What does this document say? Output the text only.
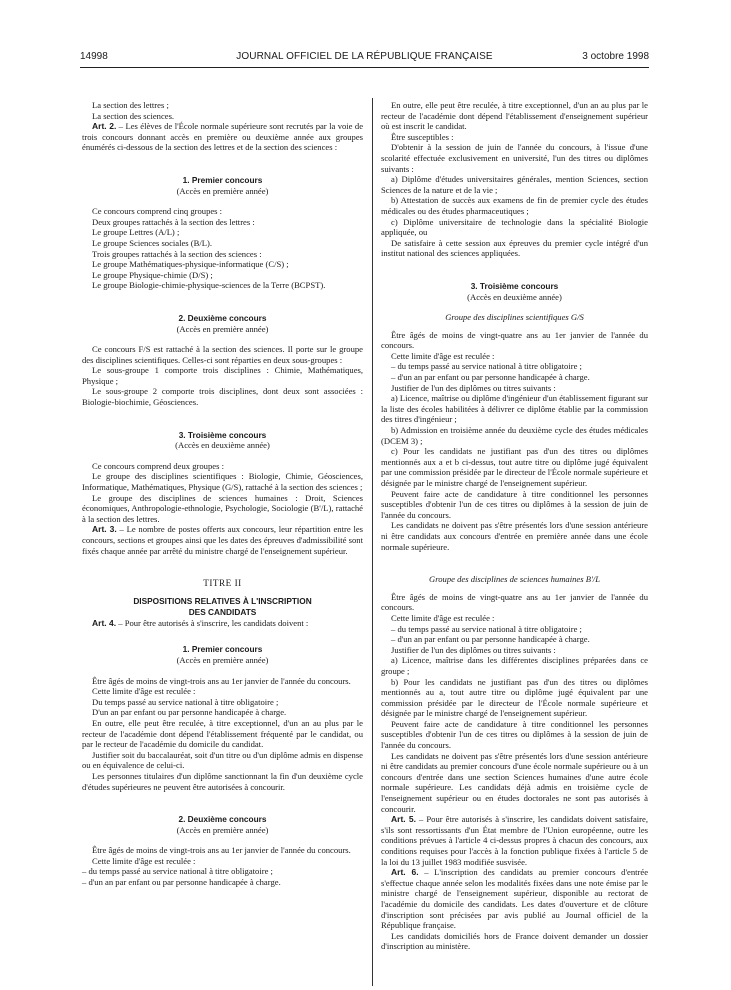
14998	JOURNAL OFFICIEL DE LA RÉPUBLIQUE FRANÇAISE	3 octobre 1998

La section des lettres ;

La section des sciences.

Art. 2. – Les élèves de l'École normale supérieure sont recrutés par la voie de trois concours donnant accès en première ou deuxième année aux groupes énumérés ci-dessous de la section des lettres et de la section des sciences :

1. Premier concours

(Accès en première année)

Ce concours comprend cinq groupes :

Deux groupes rattachés à la section des lettres :

Le groupe Lettres (A/L) ;

Le groupe Sciences sociales (B/L).

Trois groupes rattachés à la section des sciences :

Le groupe Mathématiques-physique-informatique (C/S) ;

Le groupe Physique-chimie (D/S) ;

Le groupe Biologie-chimie-physique-sciences de la Terre (BCPST).

2. Deuxième concours

(Accès en première année)

Ce concours F/S est rattaché à la section des sciences. Il porte sur le groupe des disciplines scientifiques. Celles-ci sont réparties en deux sous-groupes :

Le sous-groupe 1 comporte trois disciplines : Chimie, Mathématiques, Physique ;

Le sous-groupe 2 comporte trois disciplines, dont deux sont associées : Biologie-biochimie, Géosciences.

3. Troisième concours

(Accès en deuxième année)

Ce concours comprend deux groupes :

Le groupe des disciplines scientifiques : Biologie, Chimie, Géosciences, Informatique, Mathématiques, Physique (G/S), rattaché à la section des sciences ;

Le groupe des disciplines de sciences humaines : Droit, Sciences économiques, Anthropologie-ethnologie, Psychologie, Sociologie (B'/L), rattaché à la section des lettres.

Art. 3. – Le nombre de postes offerts aux concours, leur répartition entre les concours, sections et groupes ainsi que les dates des épreuves d'admissibilité sont fixés chaque année par arrêté du ministre chargé de l'enseignement supérieur.

TITRE II

DISPOSITIONS RELATIVES À L'INSCRIPTION

DES CANDIDATS

Art. 4. – Pour être autorisés à s'inscrire, les candidats doivent :

1. Premier concours

(Accès en première année)

Être âgés de moins de vingt-trois ans au 1er janvier de l'année du concours.

Cette limite d'âge est reculée :

Du temps passé au service national à titre obligatoire ;

D'un an par enfant ou par personne handicapée à charge.

En outre, elle peut être reculée, à titre exceptionnel, d'un an au plus par le recteur de l'académie dont dépend l'établissement fréquenté par le candidat, ou par le recteur de l'académie du domicile du candidat.

Justifier soit du baccalauréat, soit d'un titre ou d'un diplôme admis en dispense ou en équivalence de celui-ci.

Les personnes titulaires d'un diplôme sanctionnant la fin d'un deuxième cycle d'études supérieures ne peuvent être autorisées à concourir.

2. Deuxième concours

(Accès en première année)

Être âgés de moins de vingt-trois ans au 1er janvier de l'année du concours.

Cette limite d'âge est reculée :

– du temps passé au service national à titre obligatoire ;

– d'un an par enfant ou par personne handicapée à charge.

En outre, elle peut être reculée, à titre exceptionnel, d'un an au plus par le recteur de l'académie dont dépend l'établissement d'enseignement supérieur où est inscrit le candidat.

Être susceptibles :

D'obtenir à la session de juin de l'année du concours, à l'issue d'une scolarité effectuée exclusivement en université, l'un des titres ou diplômes suivants :

a) Diplôme d'études universitaires générales, mention Sciences, section Sciences de la nature et de la vie ;

b) Attestation de succès aux examens de fin de premier cycle des études médicales ou des études pharmaceutiques ;

c) Diplôme universitaire de technologie dans la spécialité Biologie appliquée, ou

De satisfaire à cette session aux épreuves du premier cycle intégré d'un institut national des sciences appliquées.

3. Troisième concours

(Accès en deuxième année)

Groupe des disciplines scientifiques G/S

Être âgés de moins de vingt-quatre ans au 1er janvier de l'année du concours.

Cette limite d'âge est reculée :

– du temps passé au service national à titre obligatoire ;

– d'un an par enfant ou par personne handicapée à charge.

Justifier de l'un des diplômes ou titres suivants :

a) Licence, maîtrise ou diplôme d'ingénieur d'un établissement figurant sur la liste des écoles habilitées à délivrer ce diplôme établie par la commission des titres d'ingénieur ;

b) Admission en troisième année du deuxième cycle des études médicales (DCEM 3) ;

c) Pour les candidats ne justifiant pas d'un des titres ou diplômes mentionnés aux a et b ci-dessus, tout autre titre ou diplôme jugé équivalent par une commission présidée par le directeur de l'École normale supérieure et désignée par le ministre chargé de l'enseignement supérieur.

Peuvent faire acte de candidature à titre conditionnel les personnes susceptibles d'obtenir l'un de ces titres ou diplômes à la session de juin de l'année du concours.

Les candidats ne doivent pas s'être présentés lors d'une session antérieure ni être candidats aux concours d'entrée en première année dans une école normale supérieure.

Groupe des disciplines de sciences humaines B'/L

Être âgés de moins de vingt-quatre ans au 1er janvier de l'année du concours.

Cette limite d'âge est reculée :

– du temps passé au service national à titre obligatoire ;

– d'un an par enfant ou par personne handicapée à charge.

Justifier de l'un des diplômes ou titres suivants :

a) Licence, maîtrise dans les différentes disciplines préparées dans ce groupe ;

b) Pour les candidats ne justifiant pas d'un des titres ou diplômes mentionnés au a, tout autre titre ou diplôme jugé équivalent par une commission présidée par le directeur de l'École normale supérieure et désignée par le ministre chargé de l'enseignement supérieur.

Peuvent faire acte de candidature à titre conditionnel les personnes susceptibles d'obtenir l'un de ces titres ou diplômes à la session de juin de l'année du concours.

Les candidats ne doivent pas s'être présentés lors d'une session antérieure ni être candidats au premier concours d'une école normale supérieure ou à un concours d'entrée dans une section Sciences humaines d'une autre école normale supérieure. Les candidats déjà admis en troisième cycle de l'enseignement supérieur ou en études doctorales ne sont pas autorisés à concourir.

Art. 5. – Pour être autorisés à s'inscrire, les candidats doivent satisfaire, s'ils sont ressortissants d'un État membre de l'Union européenne, outre les conditions prévues à l'article 4 ci-dessus propres à chacun des concours, aux conditions requises pour l'accès à la fonction publique fixées à l'article 5 de la loi du 13 juillet 1983 modifiée susvisée.

Art. 6. – L'inscription des candidats au premier concours d'entrée s'effectue chaque année selon les modalités fixées dans une note émise par le ministre chargé de l'enseignement supérieur, disponible au rectorat de l'académie du domicile des candidats. Les dates d'ouverture et de clôture d'inscription sont précisées par avis publié au Journal officiel de la République française.

Les candidats domiciliés hors de France doivent demander un dossier d'inscription au ministère.
